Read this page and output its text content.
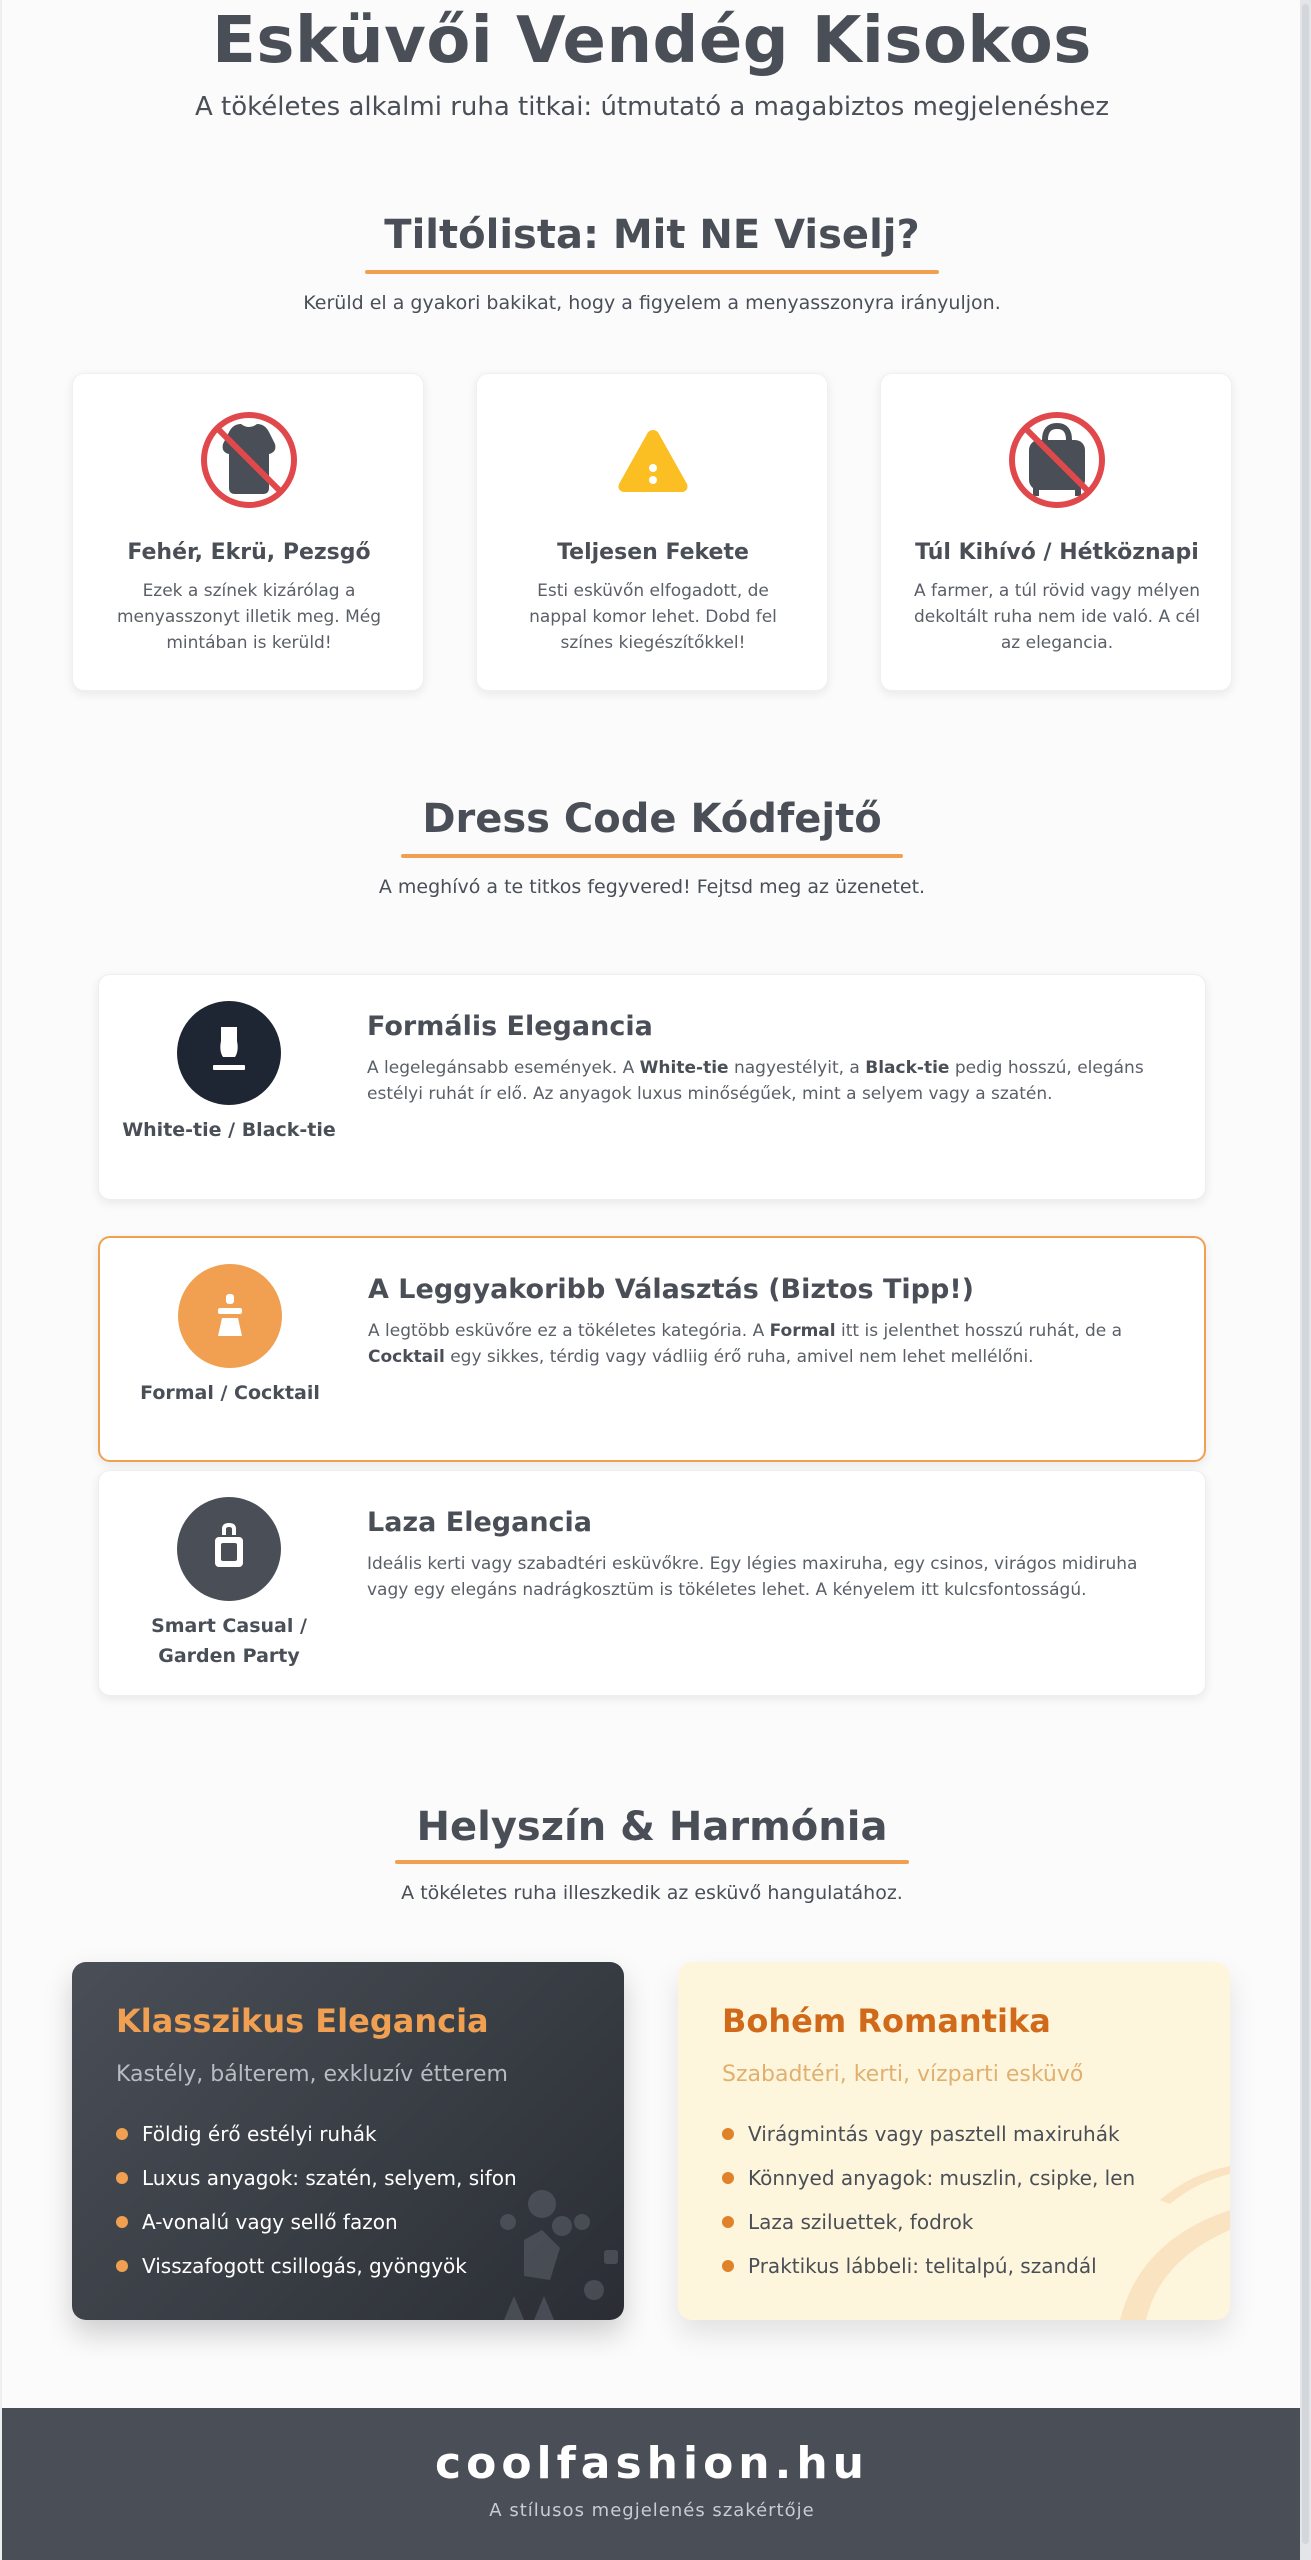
Esküvői Vendég Kisokos

A tökéletes alkalmi ruha titkai: útmutató a magabiztos megjelenéshez

Tiltólista: Mit NE Viselj?

Kerüld el a gyakori bakikat, hogy a figyelem a menyasszonyra irányuljon.

Fehér, Ekrü, Pezsgő
Ezek a színek kizárólag a menyasszonyt illetik meg. Még mintában is kerüld!
Teljesen Fekete
Esti esküvőn elfogadott, de nappal komor lehet. Dobd fel színes kiegészítőkkel!
Túl Kihívó / Hétköznapi
A farmer, a túl rövid vagy mélyen dekoltált ruha nem ide való. A cél az elegancia.
Dress Code Kódfejtő

A meghívó a te titkos fegyvered! Fejtsd meg az üzenetet.

White-tie / Black-tie
Formális Elegancia
A legelegánsabb események. A White-tie nagyestélyit, a Black-tie pedig hosszú, elegáns estélyi ruhát ír elő. Az anyagok luxus minőségűek, mint a selyem vagy a szatén.
Formal / Cocktail
A Leggyakoribb Választás (Biztos Tipp!)
A legtöbb esküvőre ez a tökéletes kategória. A Formal itt is jelenthet hosszú ruhát, de a Cocktail egy sikkes, térdig vagy vádliig érő ruha, amivel nem lehet mellélőni.
Smart Casual / Garden Party
Laza Elegancia
Ideális kerti vagy szabadtéri esküvőkre. Egy légies maxiruha, egy csinos, virágos midiruha vagy egy elegáns nadrágkosztüm is tökéletes lehet. A kényelem itt kulcsfontosságú.
Helyszín & Harmónia

A tökéletes ruha illeszkedik az esküvő hangulatához.

Klasszikus Elegancia
Kastély, bálterem, exkluzív étterem
Földig érő estélyi ruhák
Luxus anyagok: szatén, selyem, sifon
A-vonalú vagy sellő fazon
Visszafogott csillogás, gyöngyök
Bohém Romantika
Szabadtéri, kerti, vízparti esküvő
Virágmintás vagy pasztell maxiruhák
Könnyed anyagok: muszlin, csipke, len
Laza sziluettek, fodrok
Praktikus lábbeli: telitalpú, szandál
coolfashion.hu
A stílusos megjelenés szakértője
